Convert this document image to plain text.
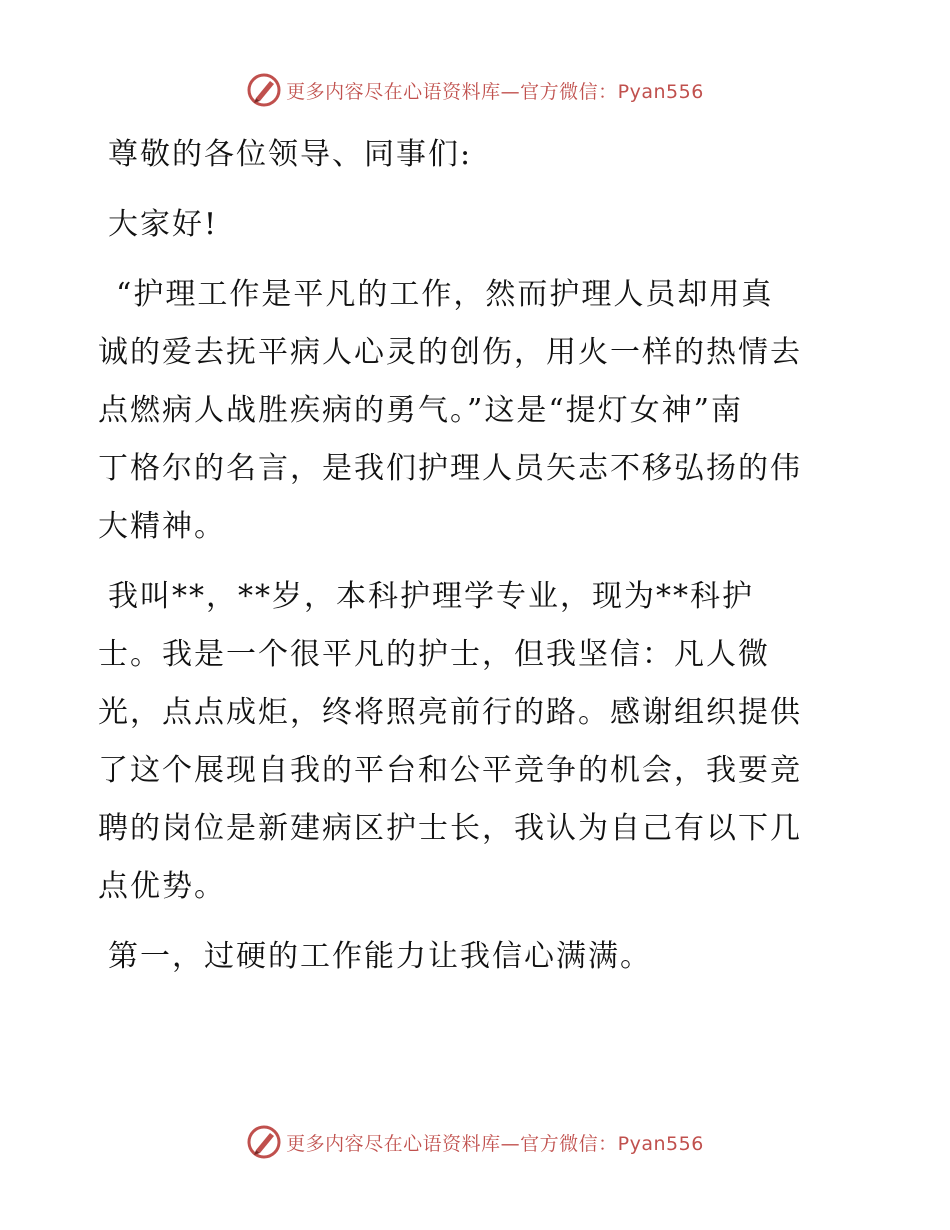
更多内容尽在心语资料库—官方微信：Pyan556

尊敬的各位领导、同事们:

大家好!

“护理工作是平凡的工作，然而护理人员却用真
诚的爱去抚平病人心灵的创伤，用火一样的热情去
点燃病人战胜疾病的勇气。”这是“提灯女神”南
丁格尔的名言，是我们护理人员矢志不移弘扬的伟
大精神。

我叫**，**岁，本科护理学专业，现为**科护
士。我是一个很平凡的护士，但我坚信：凡人微
光，点点成炬，终将照亮前行的路。感谢组织提供
了这个展现自我的平台和公平竞争的机会，我要竞
聘的岗位是新建病区护士长，我认为自己有以下几
点优势。

第一，过硬的工作能力让我信心满满。

更多内容尽在心语资料库—官方微信：Pyan556
